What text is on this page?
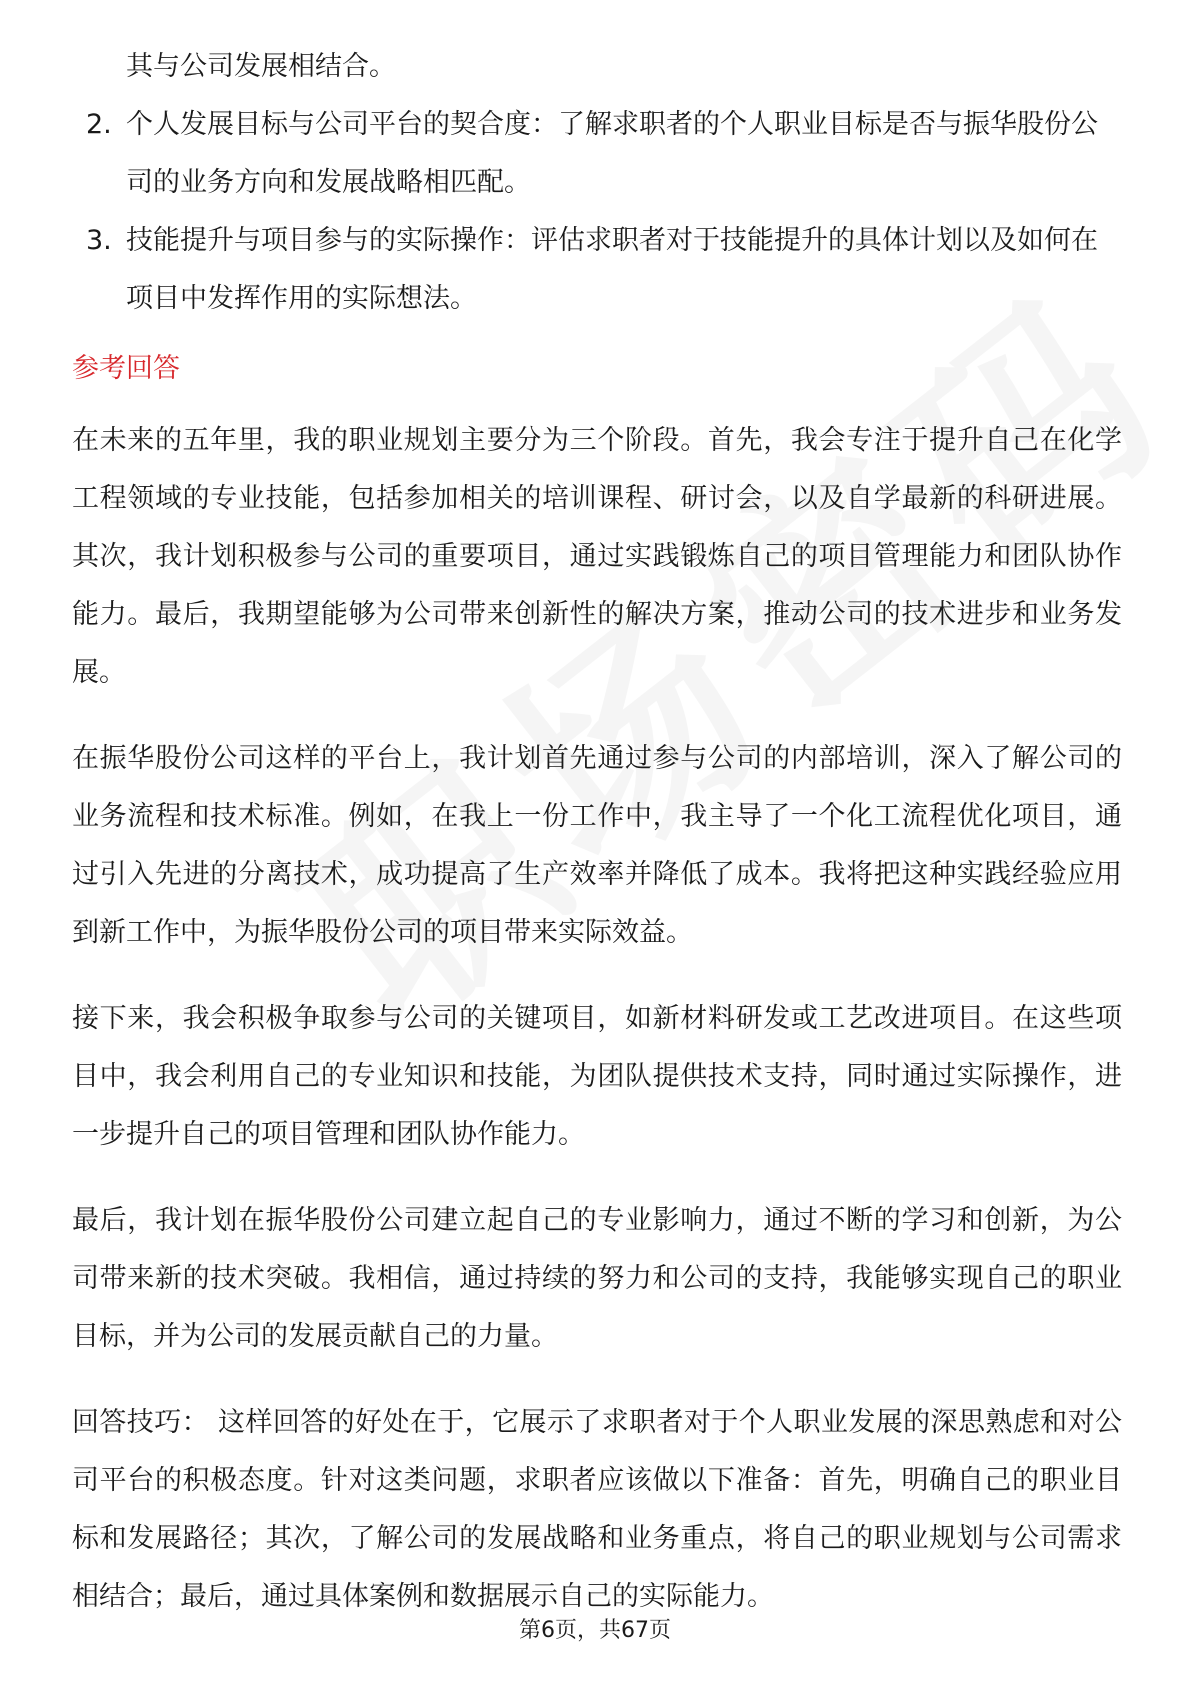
其与公司发展相结合。

2. 个人发展目标与公司平台的契合度：了解求职者的个人职业目标是否与振华股份公司的业务方向和发展战略相匹配。
3. 技能提升与项目参与的实际操作：评估求职者对于技能提升的具体计划以及如何在项目中发挥作用的实际想法。
参考回答

在未来的五年里，我的职业规划主要分为三个阶段。首先，我会专注于提升自己在化学工程领域的专业技能，包括参加相关的培训课程、研讨会，以及自学最新的科研进展。其次，我计划积极参与公司的重要项目，通过实践锻炼自己的项目管理能力和团队协作能力。最后，我期望能够为公司带来创新性的解决方案，推动公司的技术进步和业务发展。

在振华股份公司这样的平台上，我计划首先通过参与公司的内部培训，深入了解公司的业务流程和技术标准。例如，在我上一份工作中，我主导了一个化工流程优化项目，通过引入先进的分离技术，成功提高了生产效率并降低了成本。我将把这种实践经验应用到新工作中，为振华股份公司的项目带来实际效益。

接下来，我会积极争取参与公司的关键项目，如新材料研发或工艺改进项目。在这些项目中，我会利用自己的专业知识和技能，为团队提供技术支持，同时通过实际操作，进一步提升自己的项目管理和团队协作能力。

最后，我计划在振华股份公司建立起自己的专业影响力，通过不断的学习和创新，为公司带来新的技术突破。我相信，通过持续的努力和公司的支持，我能够实现自己的职业目标，并为公司的发展贡献自己的力量。

回答技巧： 这样回答的好处在于，它展示了求职者对于个人职业发展的深思熟虑和对公司平台的积极态度。针对这类问题，求职者应该做以下准备：首先，明确自己的职业目标和发展路径；其次，了解公司的发展战略和业务重点，将自己的职业规划与公司需求相结合；最后，通过具体案例和数据展示自己的实际能力。

第6页，共67页
